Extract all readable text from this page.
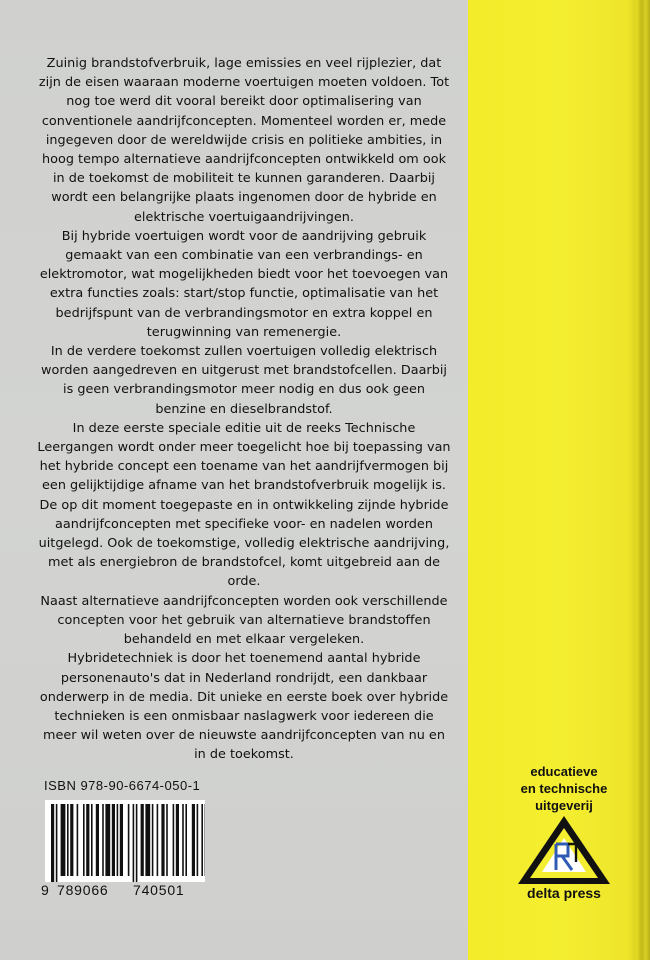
Zuinig brandstofverbruik, lage emissies en veel rijplezier, dat zijn de eisen waaraan moderne voertuigen moeten voldoen. Tot nog toe werd dit vooral bereikt door optimalisering van conventionele aandrijfconcepten. Momenteel worden er, mede ingegeven door de wereldwijde crisis en politieke ambities, in hoog tempo alternatieve aandrijfconcepten ontwikkeld om ook in de toekomst de mobiliteit te kunnen garanderen. Daarbij wordt een belangrijke plaats ingenomen door de hybride en elektrische voertuigaandrijvingen.

Bij hybride voertuigen wordt voor de aandrijving gebruik gemaakt van een combinatie van een verbrandings- en elektromotor, wat mogelijkheden biedt voor het toevoegen van extra functies zoals: start/stop functie, optimalisatie van het bedrijfspunt van de verbrandingsmotor en extra koppel en terugwinning van remenergie.

In de verdere toekomst zullen voertuigen volledig elektrisch worden aangedreven en uitgerust met brandstofcellen. Daarbij is geen verbrandingsmotor meer nodig en dus ook geen benzine en dieselbrandstof.

In deze eerste speciale editie uit de reeks Technische Leergangen wordt onder meer toegelicht hoe bij toepassing van het hybride concept een toename van het aandrijfvermogen bij een gelijktijdige afname van het brandstofverbruik mogelijk is. De op dit moment toegepaste en in ontwikkeling zijnde hybride aandrijfconcepten met specifieke voor- en nadelen worden uitgelegd. Ook de toekomstige, volledig elektrische aandrijving, met als energiebron de brandstofcel, komt uitgebreid aan de orde.

Naast alternatieve aandrijfconcepten worden ook verschillende concepten voor het gebruik van alternatieve brandstoffen behandeld en met elkaar vergeleken.

Hybridetechniek is door het toenemend aantal hybride personenauto's dat in Nederland rondrijdt, een dankbaar onderwerp in de media. Dit unieke en eerste boek over hybride technieken is een onmisbaar naslagwerk voor iedereen die meer wil weten over de nieuwste aandrijfconcepten van nu en in de toekomst.

ISBN 978-90-6674-050-1
9 789066 740501
educatieve
en technische
uitgeverij
delta press
